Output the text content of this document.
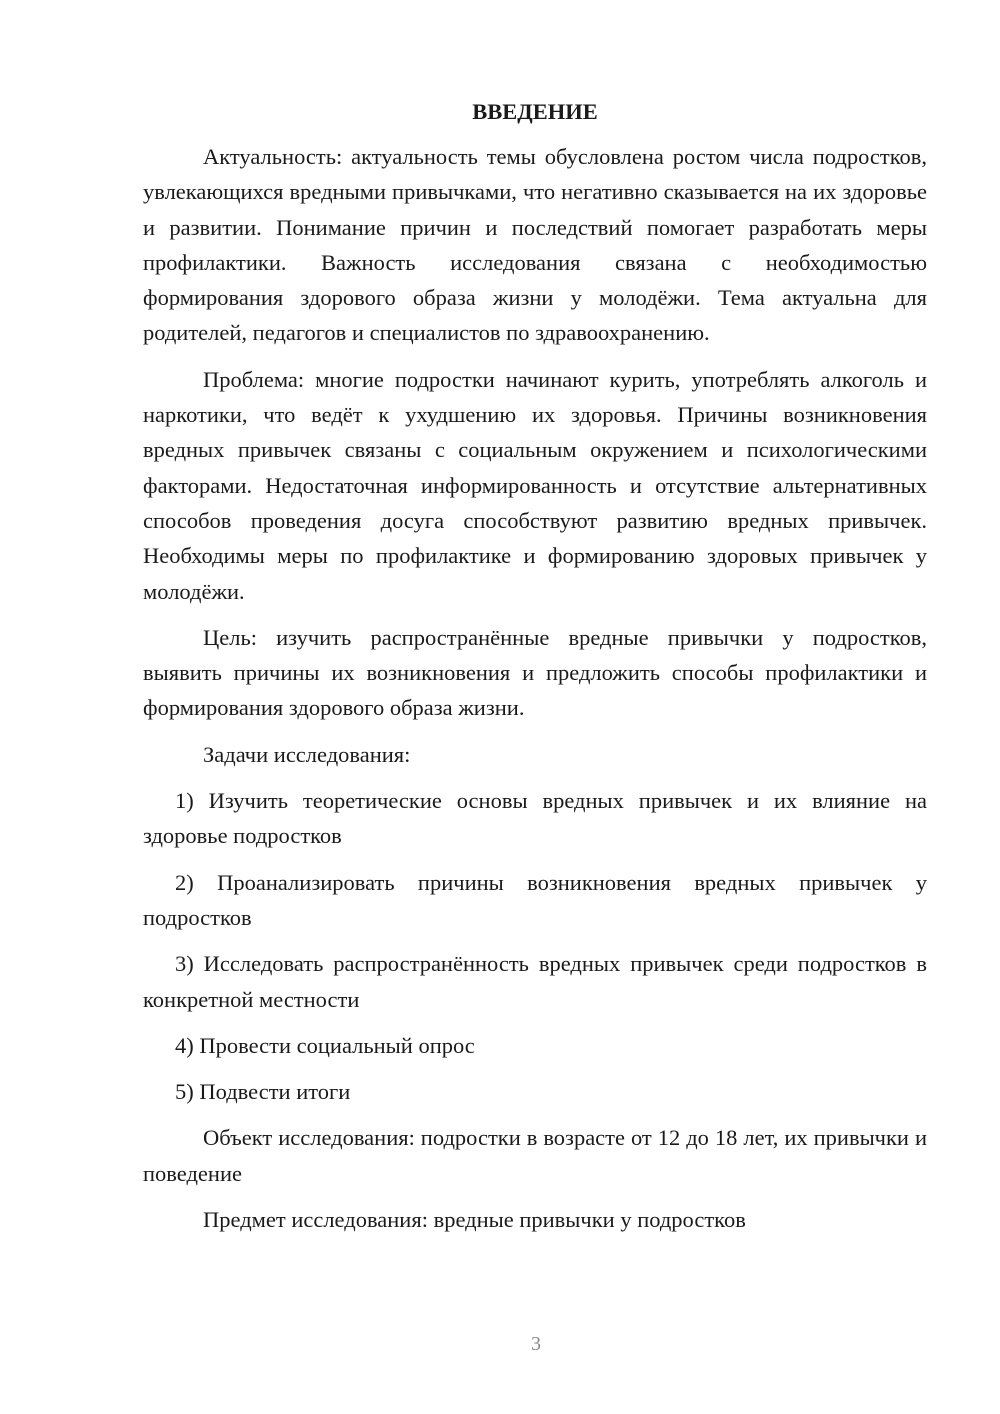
ВВЕДЕНИЕ

Актуальность: актуальность темы обусловлена ростом числа подростков, увлекающихся вредными привычками, что негативно сказывается на их здоровье и развитии. Понимание причин и последствий помогает разработать меры профилактики. Важность исследования связана с необходимостью формирования здорового образа жизни у молодёжи. Тема актуальна для родителей, педагогов и специалистов по здравоохранению.

Проблема: многие подростки начинают курить, употреблять алкоголь и наркотики, что ведёт к ухудшению их здоровья. Причины возникновения вредных привычек связаны с социальным окружением и психологическими факторами. Недостаточная информированность и отсутствие альтернативных способов проведения досуга способствуют развитию вредных привычек. Необходимы меры по профилактике и формированию здоровых привычек у молодёжи.

Цель: изучить распространённые вредные привычки у подростков, выявить причины их возникновения и предложить способы профилактики и формирования здорового образа жизни.

Задачи исследования:

1) Изучить теоретические основы вредных привычек и их влияние на здоровье подростков

2) Проанализировать причины возникновения вредных привычек у подростков

3) Исследовать распространённость вредных привычек среди подростков в конкретной местности

4) Провести социальный опрос

5) Подвести итоги

Объект исследования: подростки в возрасте от 12 до 18 лет, их привычки и поведение

Предмет исследования: вредные привычки у подростков

3
